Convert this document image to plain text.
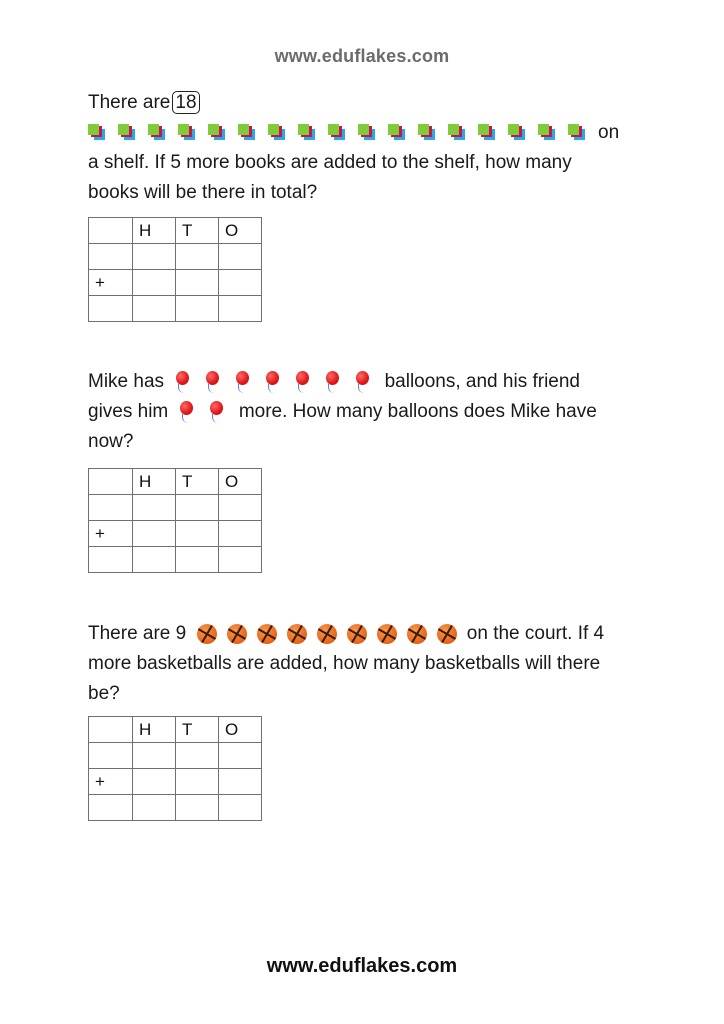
www.eduflakes.com
There are 18
on
a shelf. If 5 more books are added to the shelf, how many
books will be there in total?
	H	T	O

+			

Mike has	balloons, and his friend
gives him	more. How many balloons does Mike have
now?
	H	T	O

+			

There are 9	on the court. If 4
more basketballs are added, how many basketballs will there
be?
	H	T	O

+			

www.eduflakes.com
